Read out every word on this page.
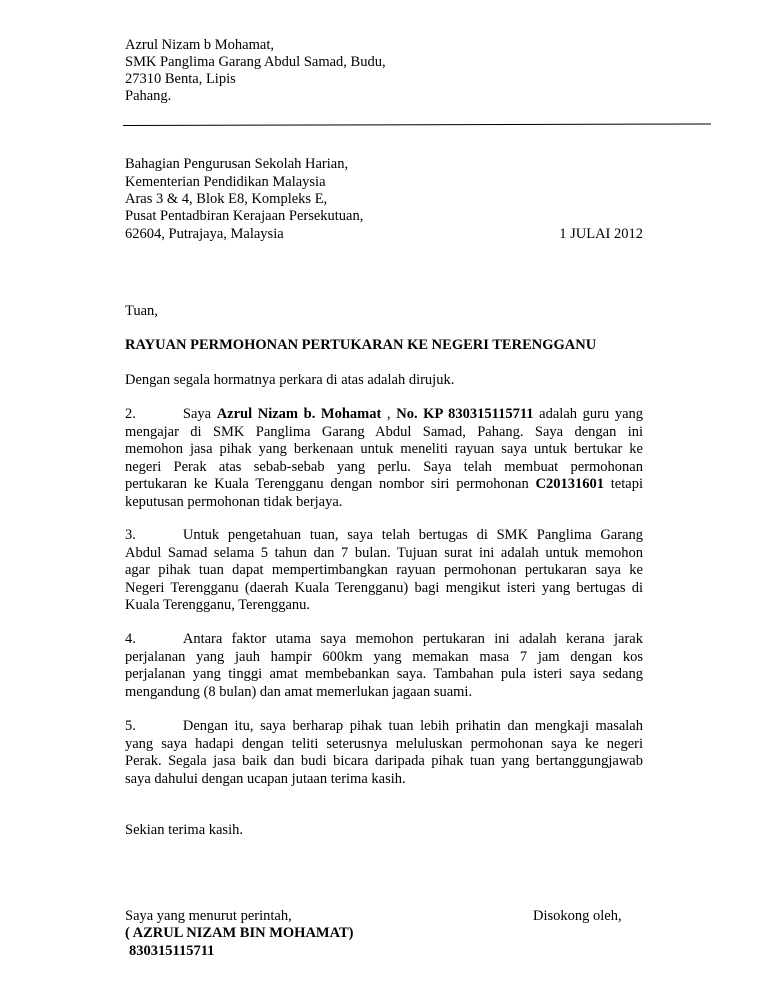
Azrul Nizam b Mohamat,
SMK Panglima Garang Abdul Samad, Budu,
27310 Benta, Lipis
Pahang.
Bahagian Pengurusan Sekolah Harian,
Kementerian Pendidikan Malaysia
Aras 3 & 4, Blok E8, Kompleks E,
Pusat Pentadbiran Kerajaan Persekutuan,
62604, Putrajaya, Malaysia	1 JULAI 2012
Tuan,
RAYUAN PERMOHONAN PERTUKARAN KE NEGERI TERENGGANU
Dengan segala hormatnya perkara di atas adalah dirujuk.
2.	Saya Azrul Nizam b. Mohamat , No. KP 830315115711 adalah guru yang
mengajar di SMK Panglima Garang Abdul Samad, Pahang. Saya dengan ini
memohon jasa pihak yang berkenaan untuk meneliti rayuan saya untuk bertukar ke
negeri Perak atas sebab-sebab yang perlu. Saya telah membuat permohonan
pertukaran ke Kuala Terengganu dengan nombor siri permohonan C20131601 tetapi
keputusan permohonan tidak berjaya.
3.	Untuk pengetahuan tuan, saya telah bertugas di SMK Panglima Garang
Abdul Samad selama 5 tahun dan 7 bulan. Tujuan surat ini adalah untuk memohon
agar pihak tuan dapat mempertimbangkan rayuan permohonan pertukaran saya ke
Negeri Terengganu (daerah Kuala Terengganu) bagi mengikut isteri yang bertugas di
Kuala Terengganu, Terengganu.
4.	Antara faktor utama saya memohon pertukaran ini adalah kerana jarak
perjalanan yang jauh hampir 600km yang memakan masa 7 jam dengan kos
perjalanan yang tinggi amat membebankan saya. Tambahan pula isteri saya sedang
mengandung (8 bulan) dan amat memerlukan jagaan suami.
5.	Dengan itu, saya berharap pihak tuan lebih prihatin dan mengkaji masalah
yang saya hadapi dengan teliti seterusnya meluluskan permohonan saya ke negeri
Perak. Segala jasa baik dan budi bicara daripada pihak tuan yang bertanggungjawab
saya dahului dengan ucapan jutaan terima kasih.
Sekian terima kasih.
Saya yang menurut perintah,	Disokong oleh,
( AZRUL NIZAM BIN MOHAMAT)
830315115711
